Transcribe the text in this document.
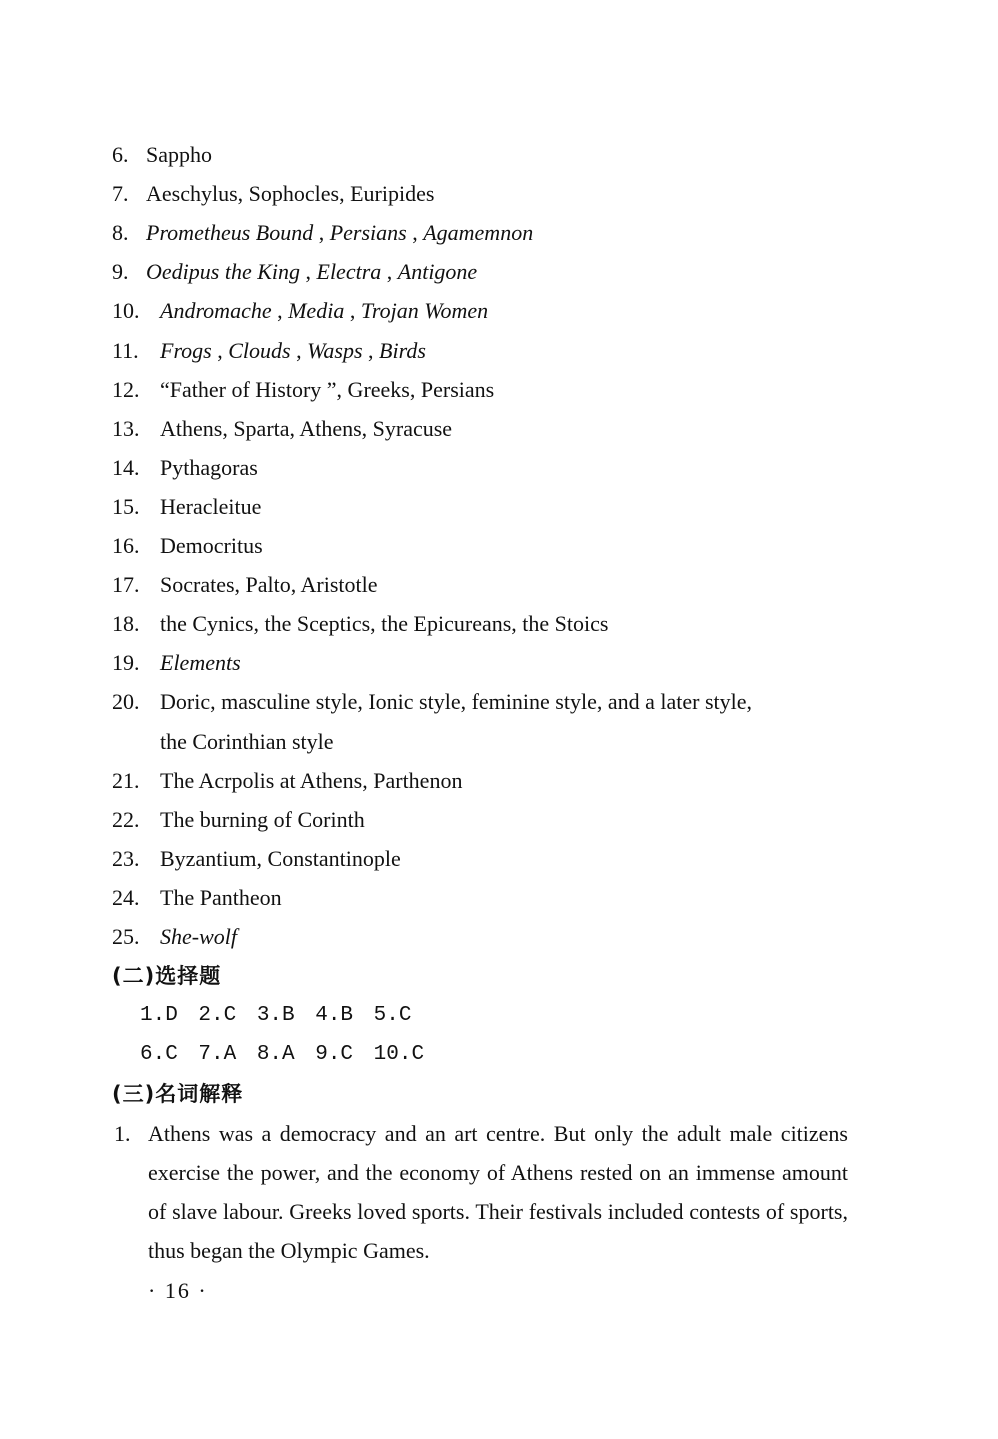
6. Sappho
7. Aeschylus, Sophocles, Euripides
8. Prometheus Bound , Persians , Agamemnon
9. Oedipus the King , Electra , Antigone
10. Andromache , Media , Trojan Women
11. Frogs , Clouds , Wasps , Birds
12. “Father of History ”, Greeks, Persians
13. Athens, Sparta, Athens, Syracuse
14. Pythagoras
15. Heracleitue
16. Democritus
17. Socrates, Palto, Aristotle
18. the Cynics, the Sceptics, the Epicureans, the Stoics
19. Elements
20. Doric, masculine style, Ionic style, feminine style, and a later style,
the Corinthian style
21. The Acrpolis at Athens, Parthenon
22. The burning of Corinth
23. Byzantium, Constantinople
24. The Pantheon
25. She-wolf
(二)选择题
1.D 2.C 3.B 4.B 5.C
6.C 7.A 8.A 9.C 10.C
(三)名词解释
1. Athens was a democracy and an art centre. But only the adult male citizens exercise the power, and the economy of Athens rested on an immense amount of slave labour. Greeks loved sports. Their festivals included contests of sports, thus began the Olympic Games.
· 16 ·
